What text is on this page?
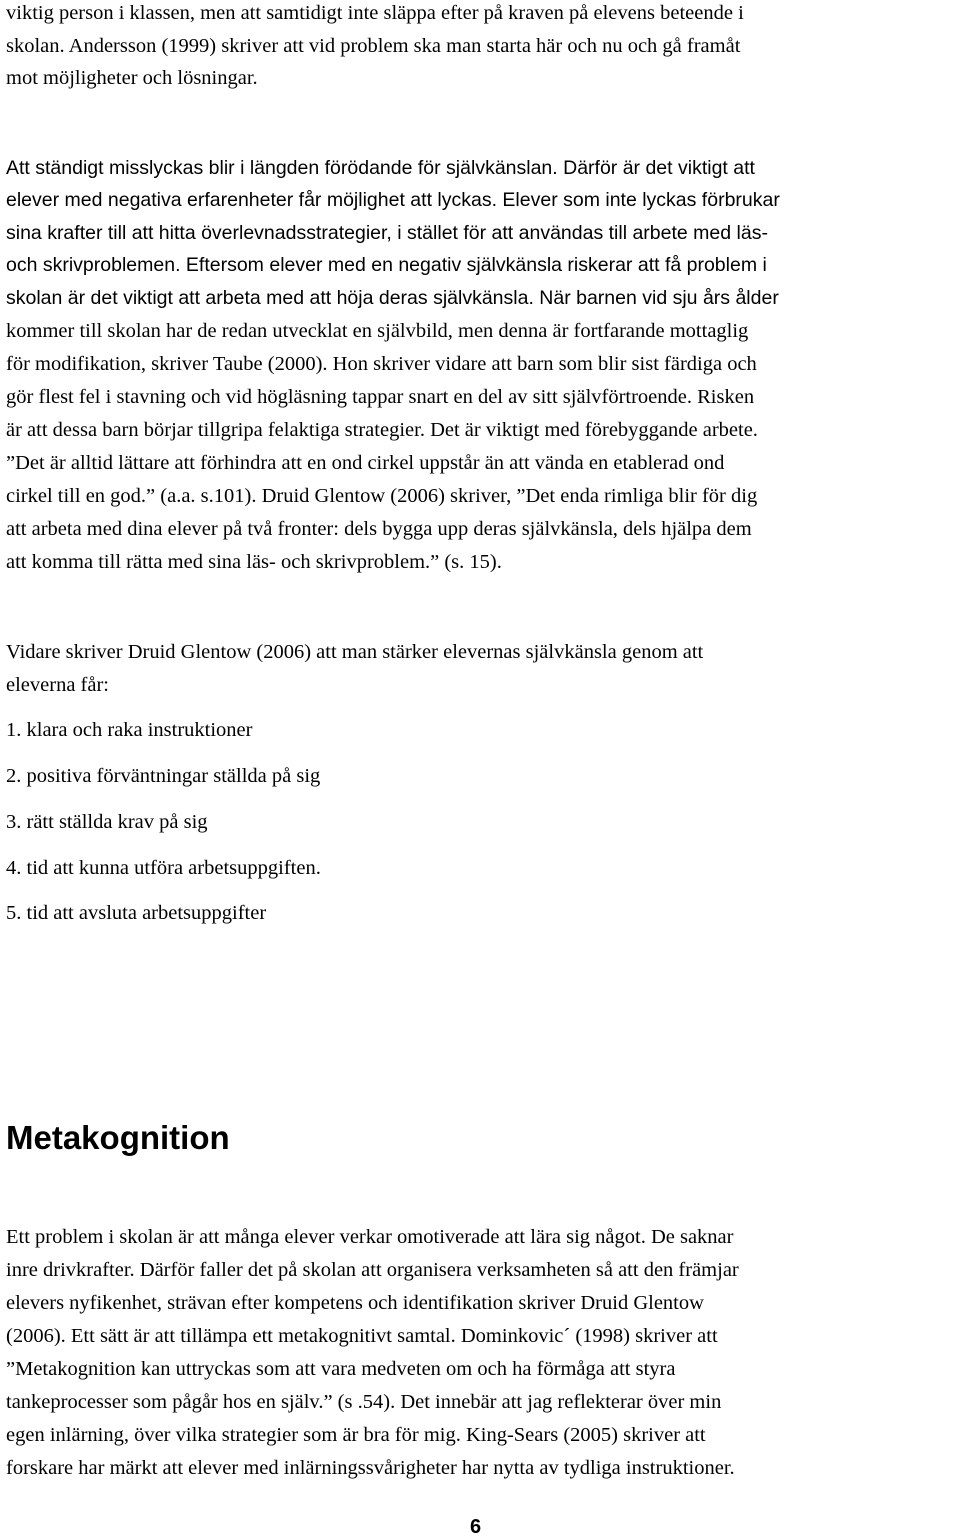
viktig person i klassen, men att samtidigt inte släppa efter på kraven på elevens beteende i
skolan. Andersson (1999) skriver att vid problem ska man starta här och nu och gå framåt
mot möjligheter och lösningar.
Att ständigt misslyckas blir i längden förödande för självkänslan. Därför är det viktigt att
elever med negativa erfarenheter får möjlighet att lyckas. Elever som inte lyckas förbrukar
sina krafter till att hitta överlevnadsstrategier, i stället för att användas till arbete med läs-
och skrivproblemen. Eftersom elever med en negativ självkänsla riskerar att få problem i
skolan är det viktigt att arbeta med att höja deras självkänsla. När barnen vid sju års ålder
kommer till skolan har de redan utvecklat en självbild, men denna är fortfarande mottaglig
för modifikation, skriver Taube (2000). Hon skriver vidare att barn som blir sist färdiga och
gör flest fel i stavning och vid högläsning tappar snart en del av sitt självförtroende. Risken
är att dessa barn börjar tillgripa felaktiga strategier. Det är viktigt med förebyggande arbete.
”Det är alltid lättare att förhindra att en ond cirkel uppstår än att vända en etablerad ond
cirkel till en god.” (a.a. s.101). Druid Glentow (2006) skriver, ”Det enda rimliga blir för dig
att arbeta med dina elever på två fronter: dels bygga upp deras självkänsla, dels hjälpa dem
att komma till rätta med sina läs- och skrivproblem.” (s. 15).
Vidare skriver Druid Glentow (2006) att man stärker elevernas självkänsla genom att
eleverna får:
1. klara och raka instruktioner
2. positiva förväntningar ställda på sig
3. rätt ställda krav på sig
4. tid att kunna utföra arbetsuppgiften.
5. tid att avsluta arbetsuppgifter
Metakognition
Ett problem i skolan är att många elever verkar omotiverade att lära sig något. De saknar
inre drivkrafter. Därför faller det på skolan att organisera verksamheten så att den främjar
elevers nyfikenhet, strävan efter kompetens och identifikation skriver Druid Glentow
(2006). Ett sätt är att tillämpa ett metakognitivt samtal. Dominkovic´ (1998) skriver att
”Metakognition kan uttryckas som att vara medveten om och ha förmåga att styra
tankeprocesser som pågår hos en själv.” (s .54). Det innebär att jag reflekterar över min
egen inlärning, över vilka strategier som är bra för mig. King-Sears (2005) skriver att
forskare har märkt att elever med inlärningssvårigheter har nytta av tydliga instruktioner.
6
